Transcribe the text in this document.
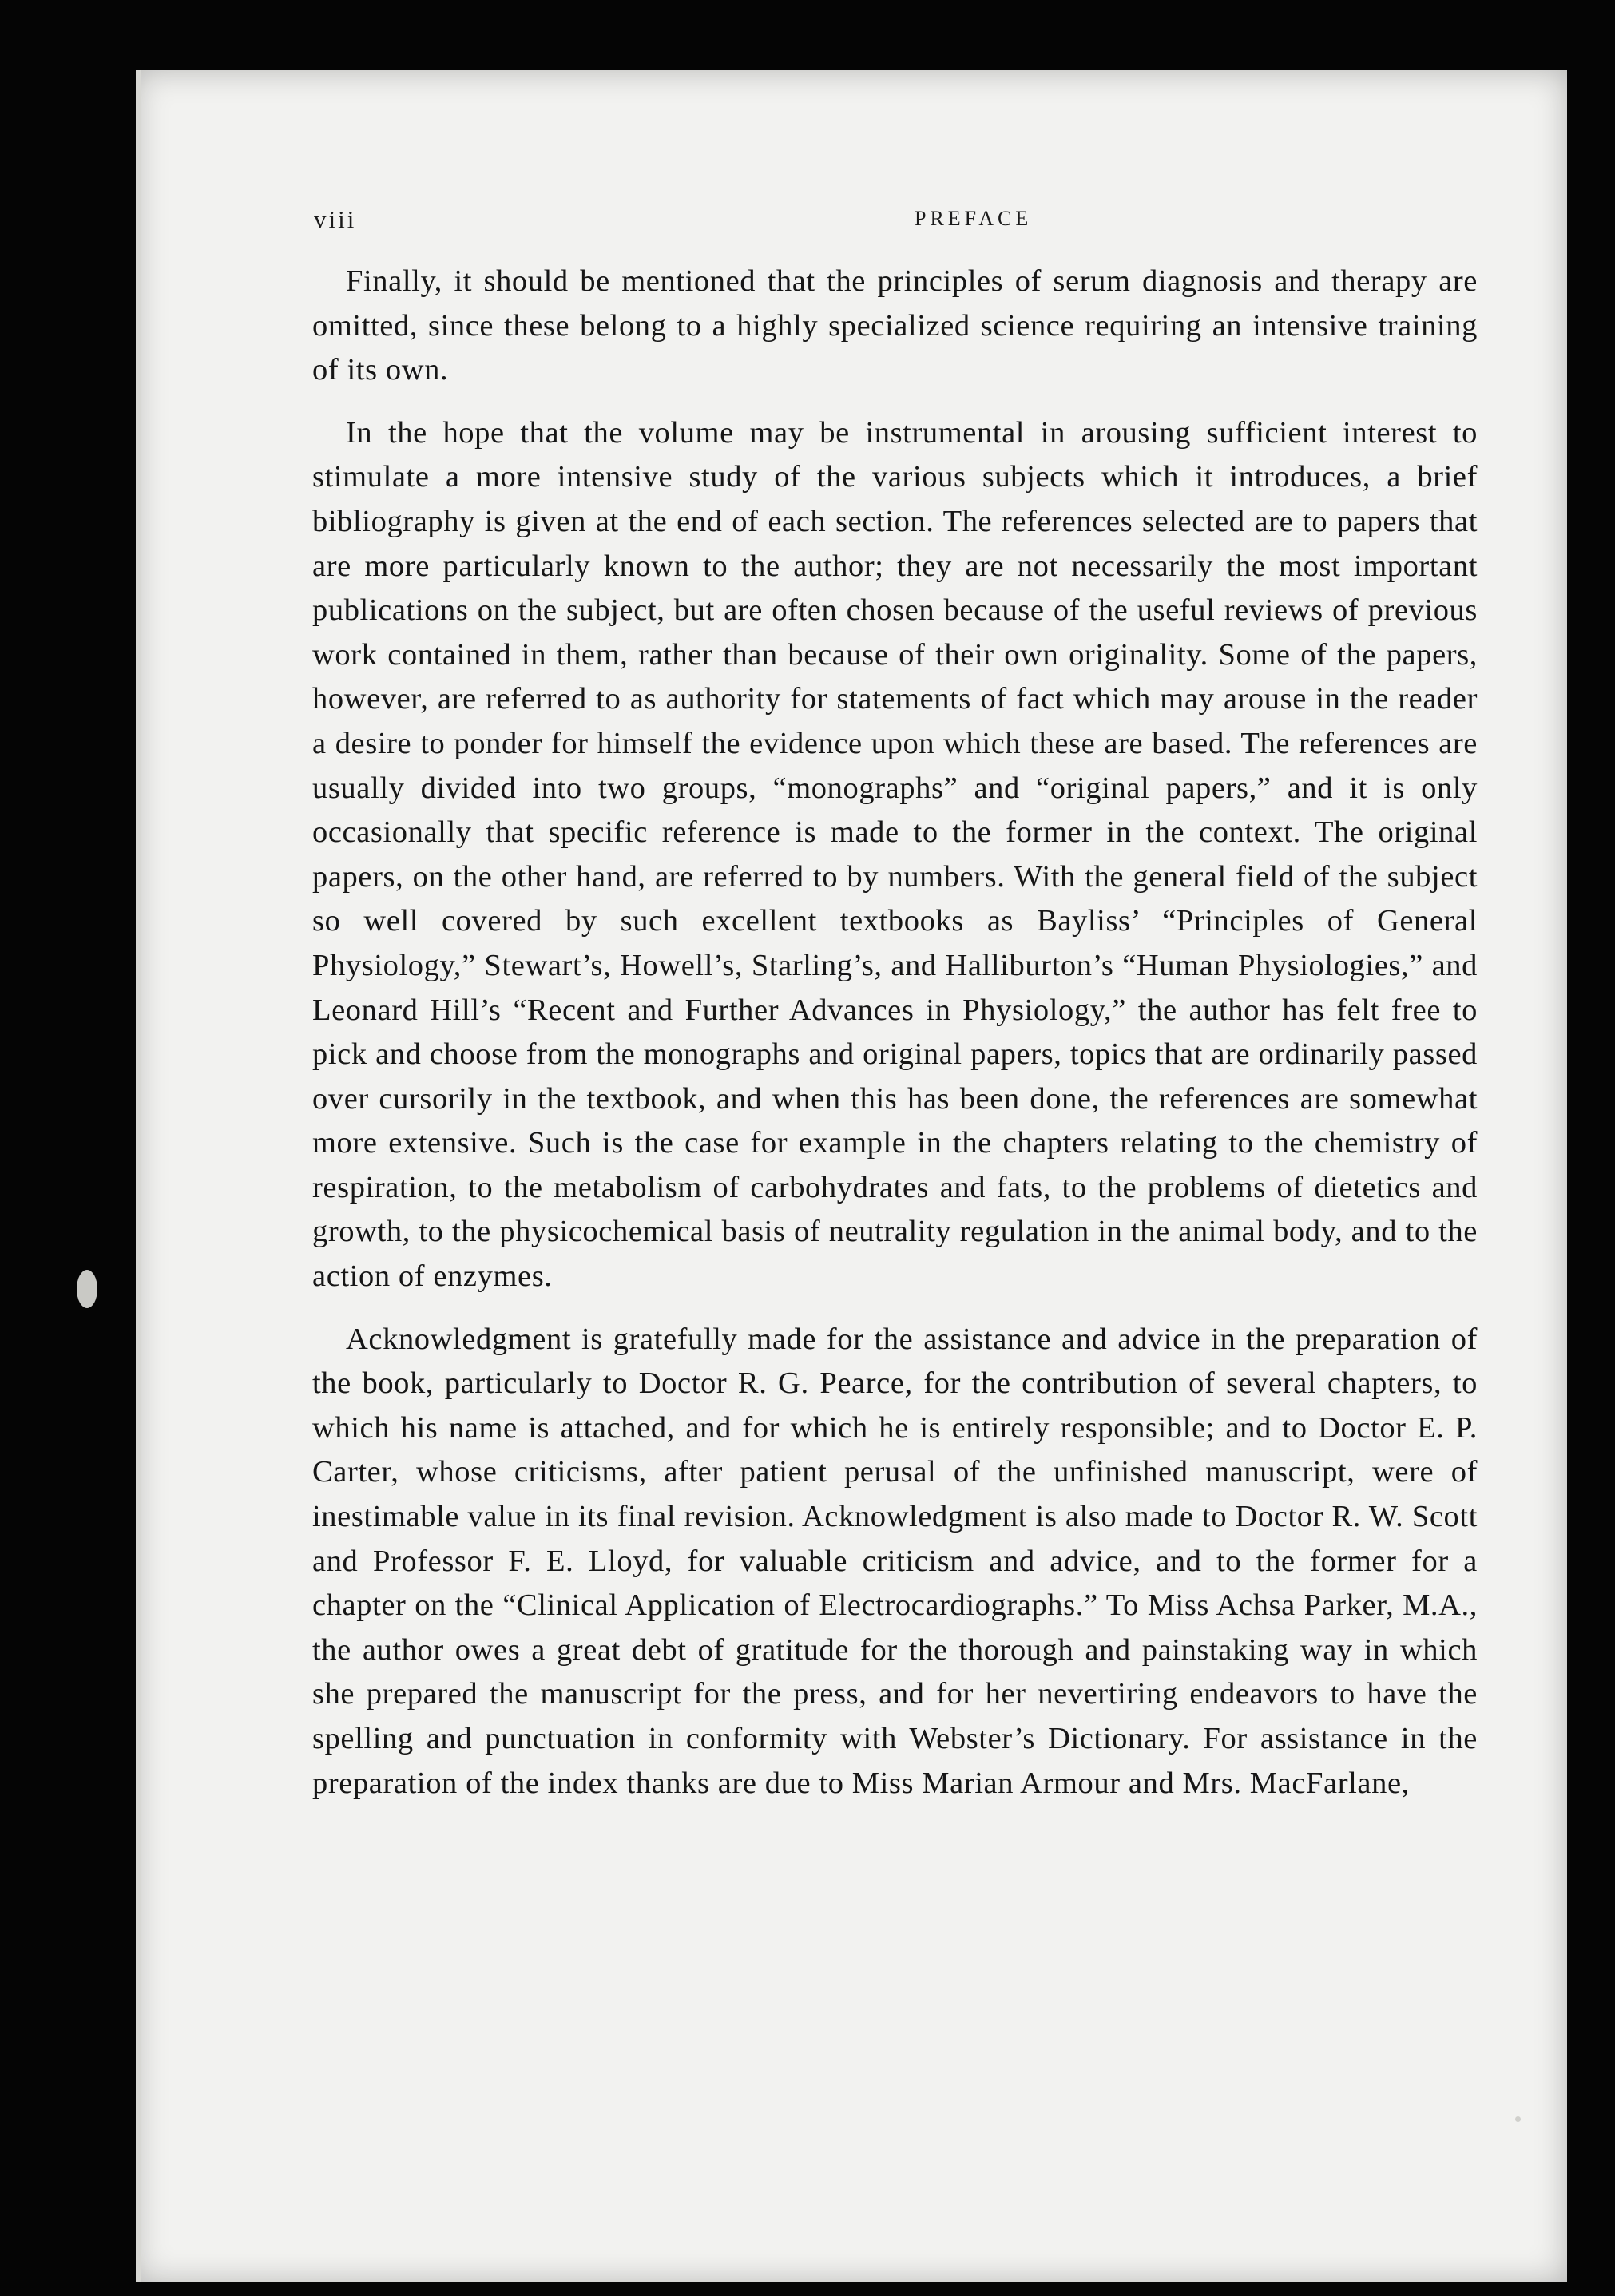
viii	PREFACE

Finally, it should be mentioned that the principles of serum diagnosis and therapy are omitted, since these belong to a highly specialized science requiring an intensive training of its own.

In the hope that the volume may be instrumental in arousing sufficient interest to stimulate a more intensive study of the various subjects which it introduces, a brief bibliography is given at the end of each section. The references selected are to papers that are more particularly known to the author; they are not necessarily the most important publications on the subject, but are often chosen because of the useful reviews of previous work contained in them, rather than because of their own originality. Some of the papers, however, are referred to as authority for statements of fact which may arouse in the reader a desire to ponder for himself the evidence upon which these are based. The references are usually divided into two groups, “monographs” and “original papers,” and it is only occasionally that specific reference is made to the former in the context. The original papers, on the other hand, are referred to by numbers. With the general field of the subject so well covered by such excellent textbooks as Bayliss’ “Principles of General Physiology,” Stewart’s, Howell’s, Starling’s, and Halliburton’s “Human Physiologies,” and Leonard Hill’s “Recent and Further Advances in Physiology,” the author has felt free to pick and choose from the monographs and original papers, topics that are ordinarily passed over cursorily in the textbook, and when this has been done, the references are somewhat more extensive. Such is the case for example in the chapters relating to the chemistry of respiration, to the metabolism of carbohydrates and fats, to the problems of dietetics and growth, to the physicochemical basis of neutrality regulation in the animal body, and to the action of enzymes.

Acknowledgment is gratefully made for the assistance and advice in the preparation of the book, particularly to Doctor R. G. Pearce, for the contribution of several chapters, to which his name is attached, and for which he is entirely responsible; and to Doctor E. P. Carter, whose criticisms, after patient perusal of the unfinished manuscript, were of inestimable value in its final revision. Acknowledgment is also made to Doctor R. W. Scott and Professor F. E. Lloyd, for valuable criticism and advice, and to the former for a chapter on the “Clinical Application of Electrocardiographs.” To Miss Achsa Parker, M.A., the author owes a great debt of gratitude for the thorough and painstaking way in which she prepared the manuscript for the press, and for her nevertiring endeavors to have the spelling and punctuation in conformity with Webster’s Dictionary. For assistance in the preparation of the index thanks are due to Miss Marian Armour and Mrs. MacFarlane,
